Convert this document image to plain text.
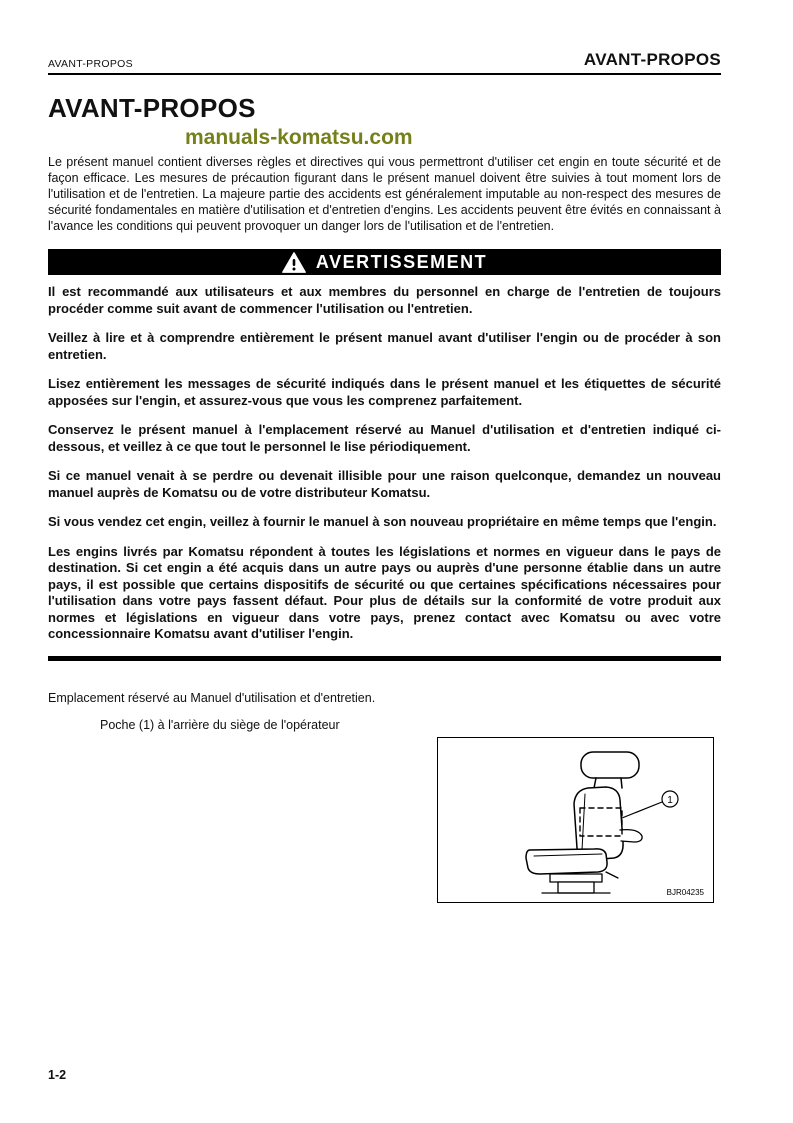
AVANT-PROPOS	AVANT-PROPOS
AVANT-PROPOS
manuals-komatsu.com

Le présent manuel contient diverses règles et directives qui vous permettront d'utiliser cet engin en toute sécurité et de façon efficace. Les mesures de précaution figurant dans le présent manuel doivent être suivies à tout moment lors de l'utilisation et de l'entretien. La majeure partie des accidents est généralement imputable au non-respect des mesures de sécurité fondamentales en matière d'utilisation et d'entretien d'engins. Les accidents peuvent être évités en connaissant à l'avance les conditions qui peuvent provoquer un danger lors de l'utilisation et de l'entretien.

AVERTISSEMENT

Il est recommandé aux utilisateurs et aux membres du personnel en charge de l'entretien de toujours procéder comme suit avant de commencer l'utilisation ou l'entretien.

Veillez à lire et à comprendre entièrement le présent manuel avant d'utiliser l'engin ou de procéder à son entretien.

Lisez entièrement les messages de sécurité indiqués dans le présent manuel et les étiquettes de sécurité apposées sur l'engin, et assurez-vous que vous les comprenez parfaitement.

Conservez le présent manuel à l'emplacement réservé au Manuel d'utilisation et d'entretien indiqué ci-dessous, et veillez à ce que tout le personnel le lise périodiquement.

Si ce manuel venait à se perdre ou devenait illisible pour une raison quelconque, demandez un nouveau manuel auprès de Komatsu ou de votre distributeur Komatsu.

Si vous vendez cet engin, veillez à fournir le manuel à son nouveau propriétaire en même temps que l'engin.

Les engins livrés par Komatsu répondent à toutes les législations et normes en vigueur dans le pays de destination. Si cet engin a été acquis dans un autre pays ou auprès d'une personne établie dans un autre pays, il est possible que certains dispositifs de sécurité ou que certaines spécifications nécessaires pour l'utilisation dans votre pays fassent défaut. Pour plus de détails sur la conformité de votre produit aux normes et législations en vigueur dans votre pays, prenez contact avec Komatsu ou avec votre concessionnaire Komatsu avant d'utiliser l'engin.

Emplacement réservé au Manuel d'utilisation et d'entretien.

Poche (1) à l'arrière du siège de l'opérateur

1
BJR04235
1-2
